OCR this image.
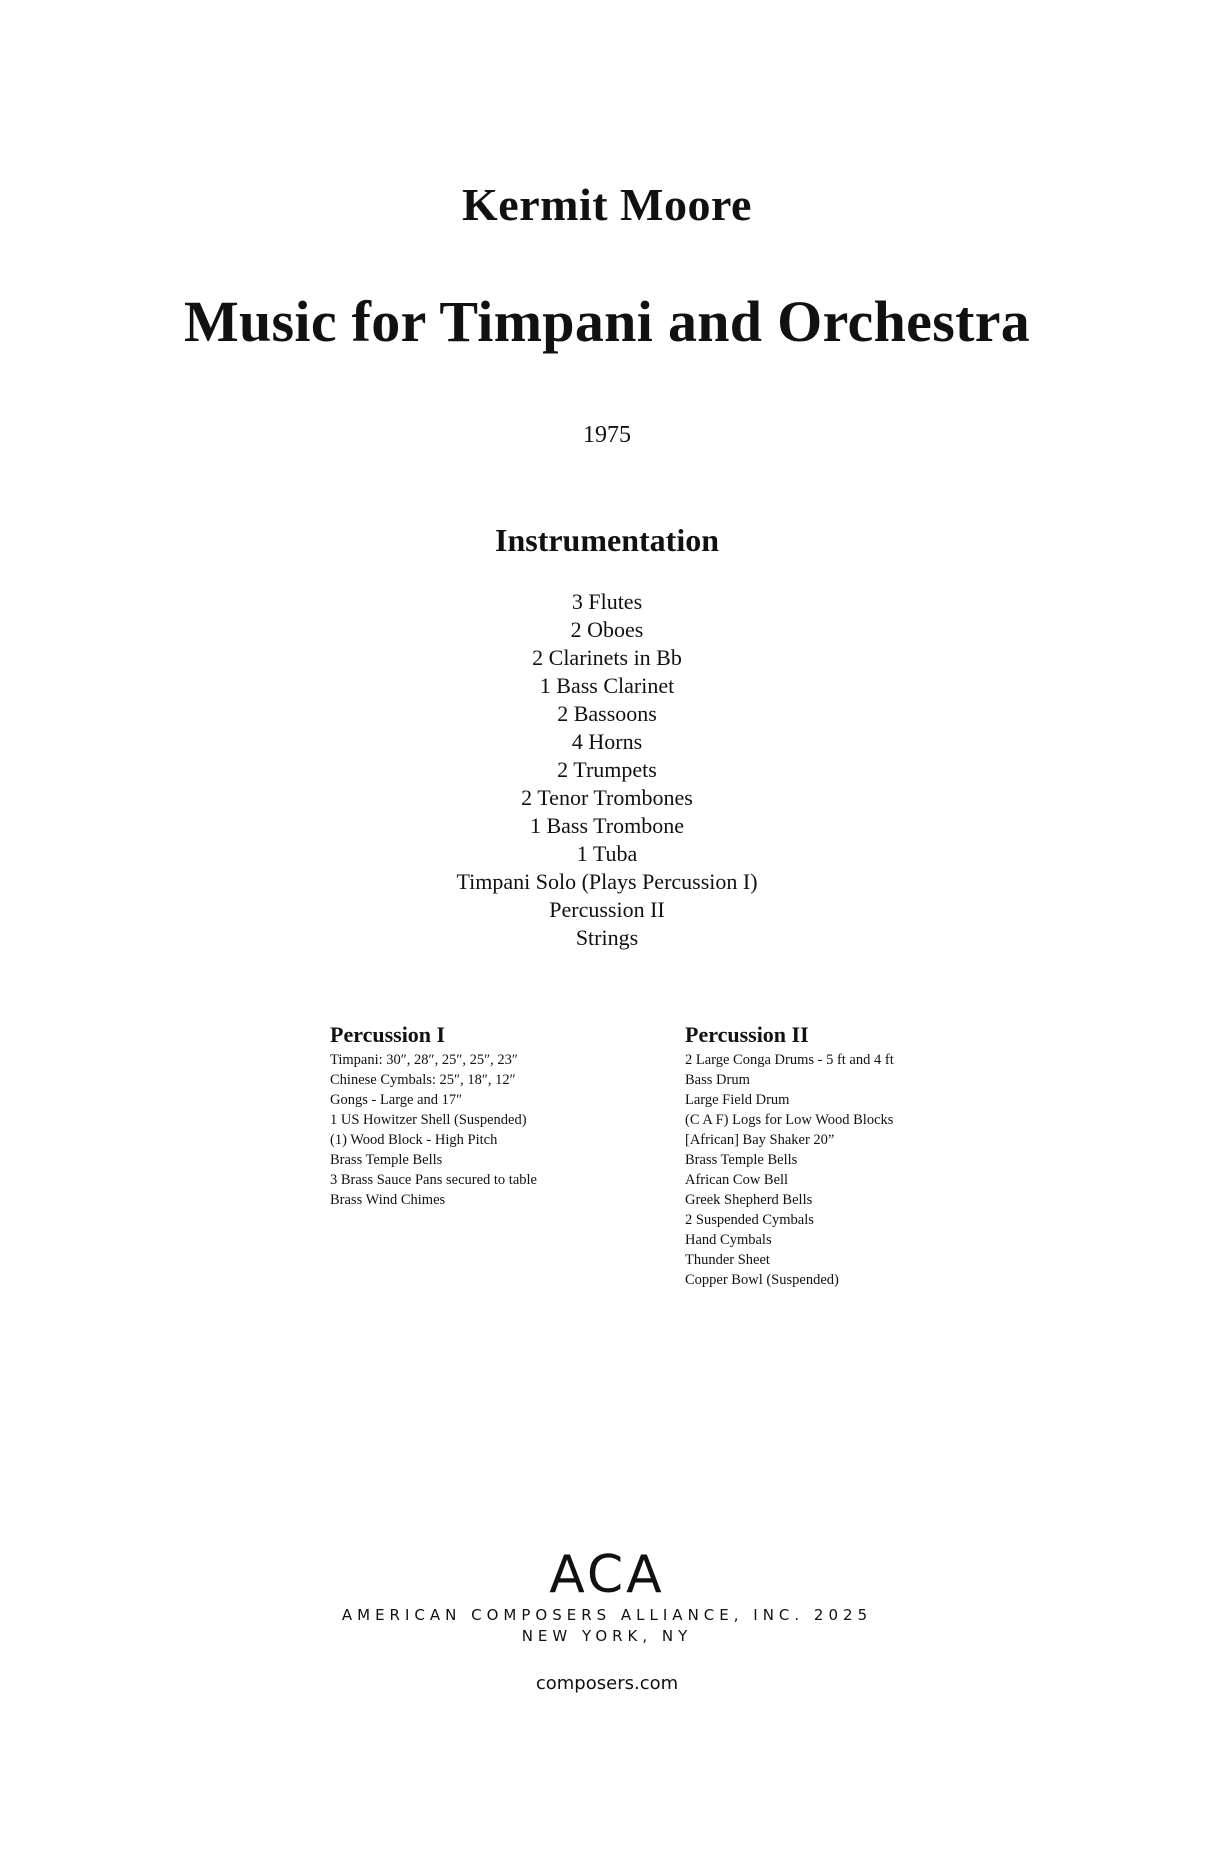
Kermit Moore
Music for Timpani and Orchestra
1975
Instrumentation
3 Flutes
2 Oboes
2 Clarinets in Bb
1 Bass Clarinet
2 Bassoons
4 Horns
2 Trumpets
2 Tenor Trombones
1 Bass Trombone
1 Tuba
Timpani Solo (Plays Percussion I)
Percussion II
Strings
Percussion I
Timpani: 30″, 28″, 25″, 25″, 23″
Chinese Cymbals: 25″, 18″, 12″
Gongs - Large and 17″
1 US Howitzer Shell (Suspended)
(1) Wood Block - High Pitch
Brass Temple Bells
3 Brass Sauce Pans secured to table
Brass Wind Chimes
Percussion II
2 Large Conga Drums - 5 ft and 4 ft
Bass Drum
Large Field Drum
(C A F) Logs for Low Wood Blocks
[African] Bay Shaker 20”
Brass Temple Bells
African Cow Bell
Greek Shepherd Bells
2 Suspended Cymbals
Hand Cymbals
Thunder Sheet
Copper Bowl (Suspended)
ACA
AMERICAN COMPOSERS ALLIANCE, INC. 2025
NEW YORK, NY
composers.com
